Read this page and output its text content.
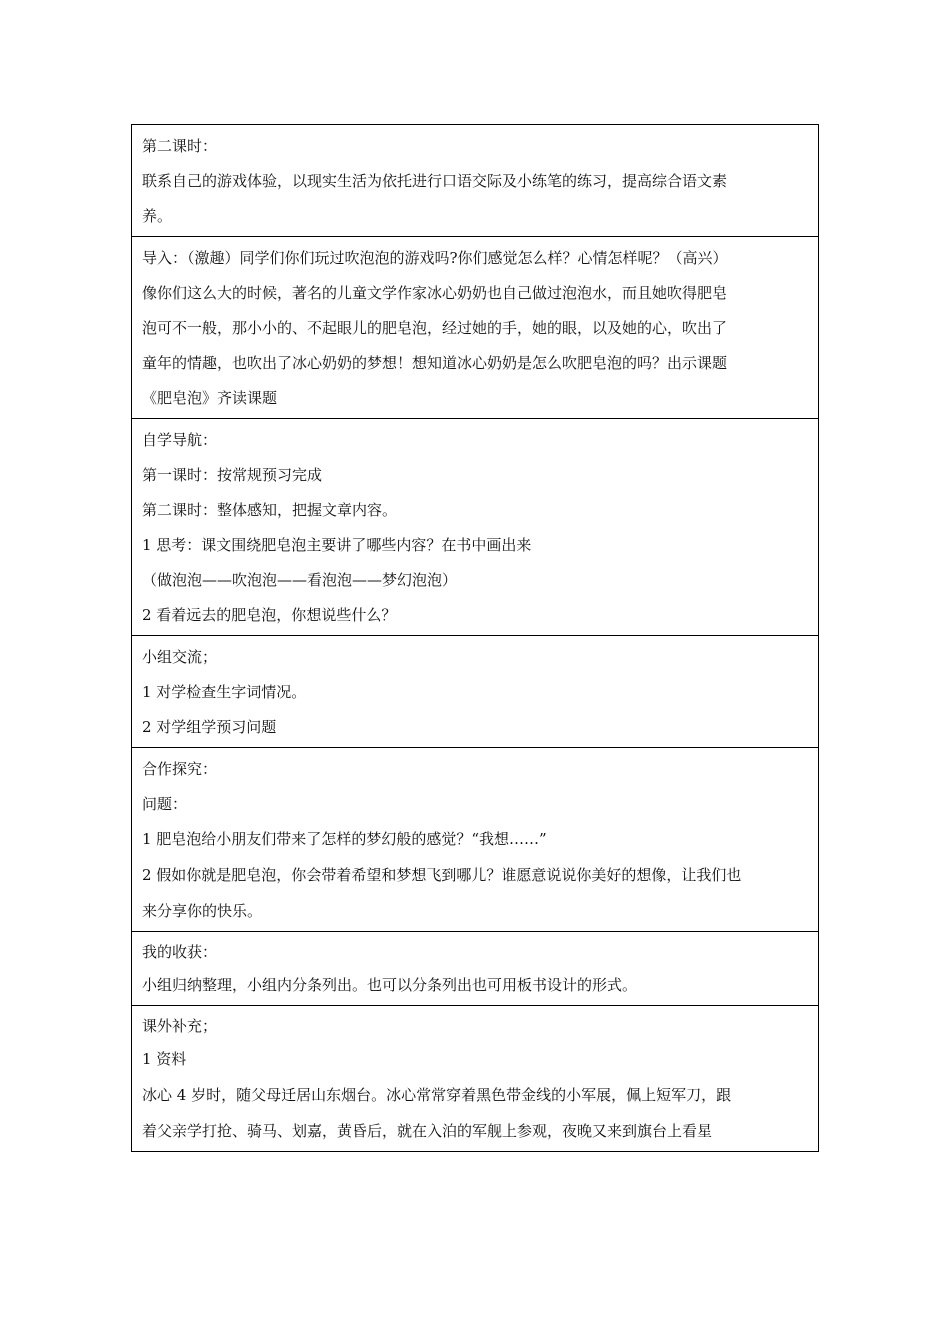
第二课时：
联系自己的游戏体验，以现实生活为依托进行口语交际及小练笔的练习，提高综合语文素
养。

导入：（激趣）同学们你们玩过吹泡泡的游戏吗?你们感觉怎么样？心情怎样呢？（高兴）
像你们这么大的时候，著名的儿童文学作家冰心奶奶也自己做过泡泡水，而且她吹得肥皂
泡可不一般，那小小的、不起眼儿的肥皂泡，经过她的手，她的眼，以及她的心，吹出了
童年的情趣，也吹出了冰心奶奶的梦想！想知道冰心奶奶是怎么吹肥皂泡的吗？出示课题
《肥皂泡》齐读课题

自学导航：
第一课时：按常规预习完成
第二课时：整体感知，把握文章内容。
1 思考：课文围绕肥皂泡主要讲了哪些内容？在书中画出来
（做泡泡——吹泡泡——看泡泡——梦幻泡泡）
2 看着远去的肥皂泡，你想说些什么？

小组交流；
1 对学检查生字词情况。
2 对学组学预习问题

合作探究：
问题：
1 肥皂泡给小朋友们带来了怎样的梦幻般的感觉？“我想……”
2 假如你就是肥皂泡，你会带着希望和梦想飞到哪儿？谁愿意说说你美好的想像，让我们也
来分享你的快乐。

我的收获：
小组归纳整理，小组内分条列出。也可以分条列出也可用板书设计的形式。

课外补充；
1 资料
冰心 4 岁时，随父母迁居山东烟台。冰心常常穿着黑色带金线的小军展，佩上短军刀，跟
着父亲学打抢、骑马、划嘉，黄昏后，就在入泊的军舰上参观，夜晚又来到旗台上看星
